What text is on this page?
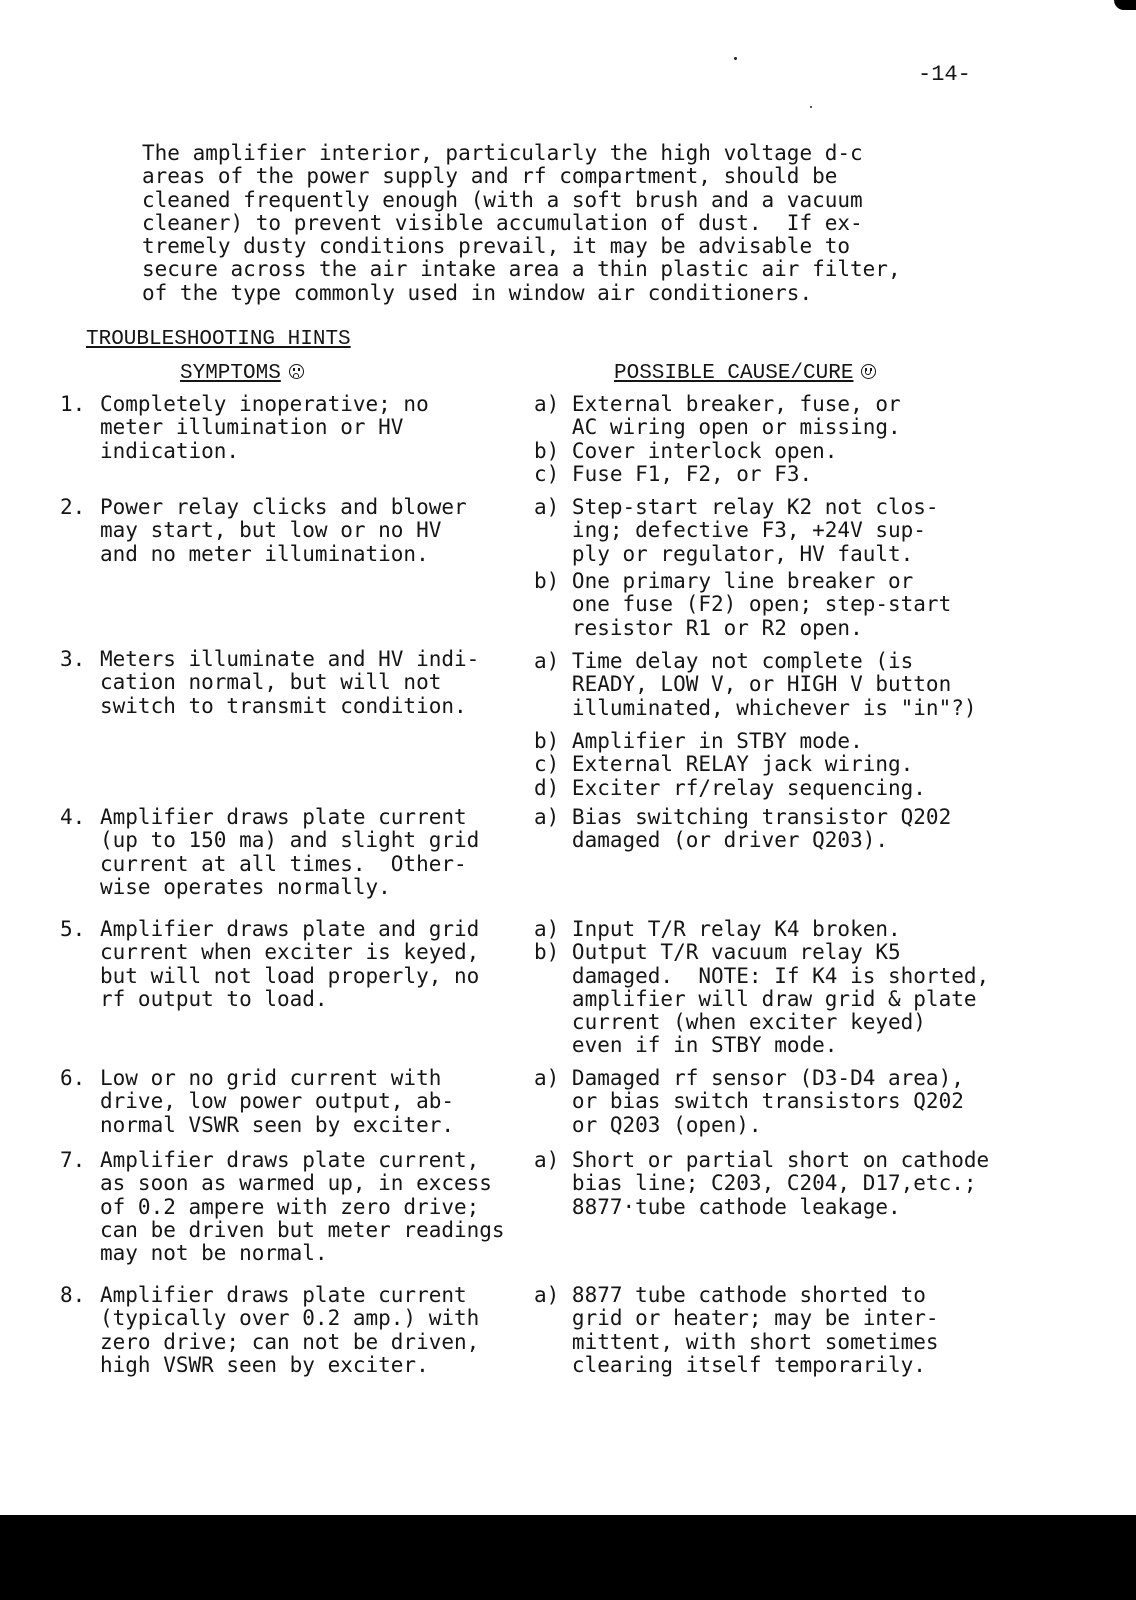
-14-
The amplifier interior, particularly the high voltage d-c
areas of the power supply and rf compartment, should be
cleaned frequently enough (with a soft brush and a vacuum
cleaner) to prevent visible accumulation of dust.  If ex-
tremely dusty conditions prevail, it may be advisable to
secure across the air intake area a thin plastic air filter,
of the type commonly used in window air conditioners.
TROUBLESHOOTING HINTS
SYMPTOMS	POSSIBLE CAUSE/CURE
1. Completely inoperative; no
meter illumination or HV
indication.
a) External breaker, fuse, or
AC wiring open or missing.
b) Cover interlock open.
c) Fuse F1, F2, or F3.
2. Power relay clicks and blower
may start, but low or no HV
and no meter illumination.
a) Step-start relay K2 not clos-
ing; defective F3, +24V sup-
ply or regulator, HV fault.
b) One primary line breaker or
one fuse (F2) open; step-start
resistor R1 or R2 open.
3. Meters illuminate and HV indi-
cation normal, but will not
switch to transmit condition.
a) Time delay not complete (is
READY, LOW V, or HIGH V button
illuminated, whichever is "in"?)
b) Amplifier in STBY mode.
c) External RELAY jack wiring.
d) Exciter rf/relay sequencing.
4. Amplifier draws plate current
(up to 150 ma) and slight grid
current at all times.  Other-
wise operates normally.
a) Bias switching transistor Q202
damaged (or driver Q203).
5. Amplifier draws plate and grid
current when exciter is keyed,
but will not load properly, no
rf output to load.
a) Input T/R relay K4 broken.
b) Output T/R vacuum relay K5
damaged.  NOTE: If K4 is shorted,
amplifier will draw grid & plate
current (when exciter keyed)
even if in STBY mode.
6. Low or no grid current with
drive, low power output, ab-
normal VSWR seen by exciter.
a) Damaged rf sensor (D3-D4 area),
or bias switch transistors Q202
or Q203 (open).
7. Amplifier draws plate current,
as soon as warmed up, in excess
of 0.2 ampere with zero drive;
can be driven but meter readings
may not be normal.
a) Short or partial short on cathode
bias line; C203, C204, D17,etc.;
8877·tube cathode leakage.
8. Amplifier draws plate current
(typically over 0.2 amp.) with
zero drive; can not be driven,
high VSWR seen by exciter.
a) 8877 tube cathode shorted to
grid or heater; may be inter-
mittent, with short sometimes
clearing itself temporarily.
